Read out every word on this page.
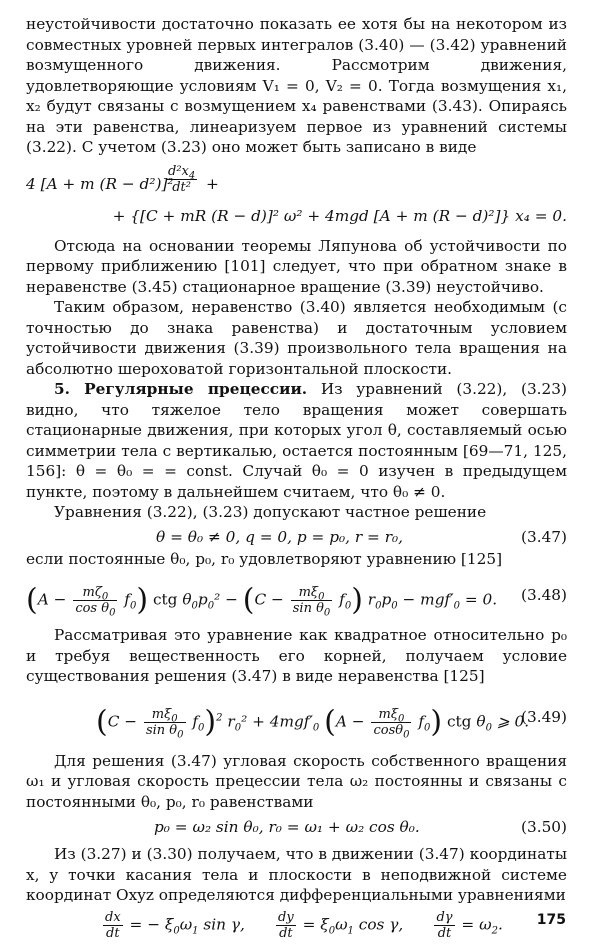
неустойчивости достаточно показать ее хотя бы на некотором из совместных уровней первых интегралов (3.40) — (3.42) уравнений возмущенного движения. Рассмотрим движения, удовлетворяющие условиям V₁ = 0, V₂ = 0. Тогда возмущения x₁, x₂ будут связаны с возмущением x₄ равенствами (3.43). Опираясь на эти равенства, линеаризуем первое из уравнений системы (3.22). С учетом (3.23) оно может быть записано в виде

4 [A + m (R − d²)]²
$\frac{d^2x_4}{\text{dt²}}$ +
+ {[C + mR (R − d)]² ω² + 4mgd [A + m (R − d)²]} x₄ = 0.

Отсюда на основании теоремы Ляпунова об устойчивости по первому приближению [101] следует, что при обратном знаке в неравенстве (3.45) стационарное вращение (3.39) неустойчиво.

Таким образом, неравенство (3.40) является необходимым (с точностью до знака равенства) и достаточным условием устойчивости движения (3.39) произвольного тела вращения на абсолютно шероховатой горизонтальной плоскости.

5. Регулярные прецессии. Из уравнений (3.22), (3.23) видно, что тяжелое тело вращения может совершать стационарные движения, при которых угол θ, составляемый осью симметрии тела с вертикалью, остается постоянным [69—71, 125, 156]: θ = θ₀ = = const. Случай θ₀ = 0 изучен в предыдущем пункте, поэтому в дальнейшем считаем, что θ₀ ≠ 0.

Уравнения (3.22), (3.23) допускают частное решение

θ = θ₀ ≠ 0, q = 0, p = p₀, r = r₀,	(3.47)

если постоянные θ₀, p₀, r₀ удовлетворяют уравнению [125]

$(A - \frac{m\zeta_0}{\cos \theta_0} f_0)$ ctg $\theta_0p_0^2 - (C - \frac{m\xi_0}{\sin \theta_0} f_0) r_0p_0 - mgf'_0 = 0$. (3.48)

Рассматривая это уравнение как квадратное относительно p₀ и требуя вещественность его корней, получаем условие существования решения (3.47) в виде неравенства [125]

$(C - \frac{m\xi_0}{\sin \theta_0} f_0)^2$ $r_0^2 + 4mgf'_0$ $(A - \frac{m\xi_0}{\cos\theta_0} f_0)$ ctg $\theta_0$ ⩾ 0.
(3.49)

Для решения (3.47) угловая скорость собственного вращения ω₁ и угловая скорость прецессии тела ω₂ постоянны и связаны с постоянными θ₀, p₀, r₀ равенствами

p₀ = ω₂ sin θ₀, r₀ = ω₁ + ω₂ cos θ₀.	(3.50)

Из (3.27) и (3.30) получаем, что в движении (3.47) координаты x, y точки касания тела и плоскости в неподвижной системе координат Oxyz определяются дифференциальными уравнениями

$\frac{dx}{dt}$ = − $\xi_0\omega_1$ sin γ, $\frac{dy}{dt} = \xi_0\omega_1$ cos γ, $\frac{d\gamma}{dt} = \omega_2$. 175
